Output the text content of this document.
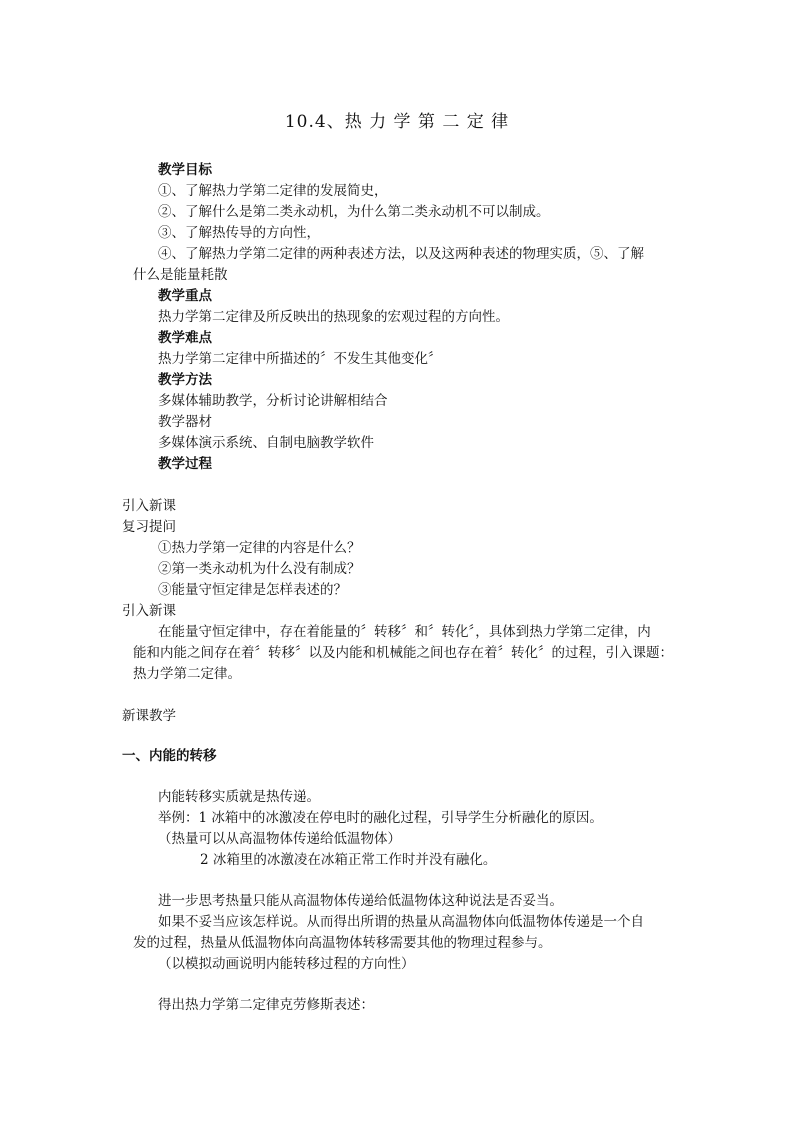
10.4、热 力 学 第 二 定 律
教学目标
①、了解热力学第二定律的发展简史，
②、了解什么是第二类永动机，为什么第二类永动机不可以制成。
③、了解热传导的方向性，
④、了解热力学第二定律的两种表述方法，以及这两种表述的物理实质，⑤、了解
什么是能量耗散
教学重点
热力学第二定律及所反映出的热现象的宏观过程的方向性。
教学难点
热力学第二定律中所描述的〞不发生其他变化〞
教学方法
多媒体辅助教学，分析讨论讲解相结合
教学器材
多媒体演示系统、自制电脑教学软件
教学过程
引入新课
复习提问
①热力学第一定律的内容是什么？
②第一类永动机为什么没有制成？
③能量守恒定律是怎样表述的？
引入新课
在能量守恒定律中，存在着能量的〞转移〞和〞转化〞，具体到热力学第二定律，内
能和内能之间存在着〞转移〞以及内能和机械能之间也存在着〞转化〞的过程，引入课题：
热力学第二定律。
新课教学
一、内能的转移
内能转移实质就是热传递。
举例：1 冰箱中的冰激凌在停电时的融化过程，引导学生分析融化的原因。
（热量可以从高温物体传递给低温物体）
2 冰箱里的冰激凌在冰箱正常工作时并没有融化。
进一步思考热量只能从高温物体传递给低温物体这种说法是否妥当。
如果不妥当应该怎样说。从而得出所谓的热量从高温物体向低温物体传递是一个自
发的过程，热量从低温物体向高温物体转移需要其他的物理过程参与。
（以模拟动画说明内能转移过程的方向性）
得出热力学第二定律克劳修斯表述：
